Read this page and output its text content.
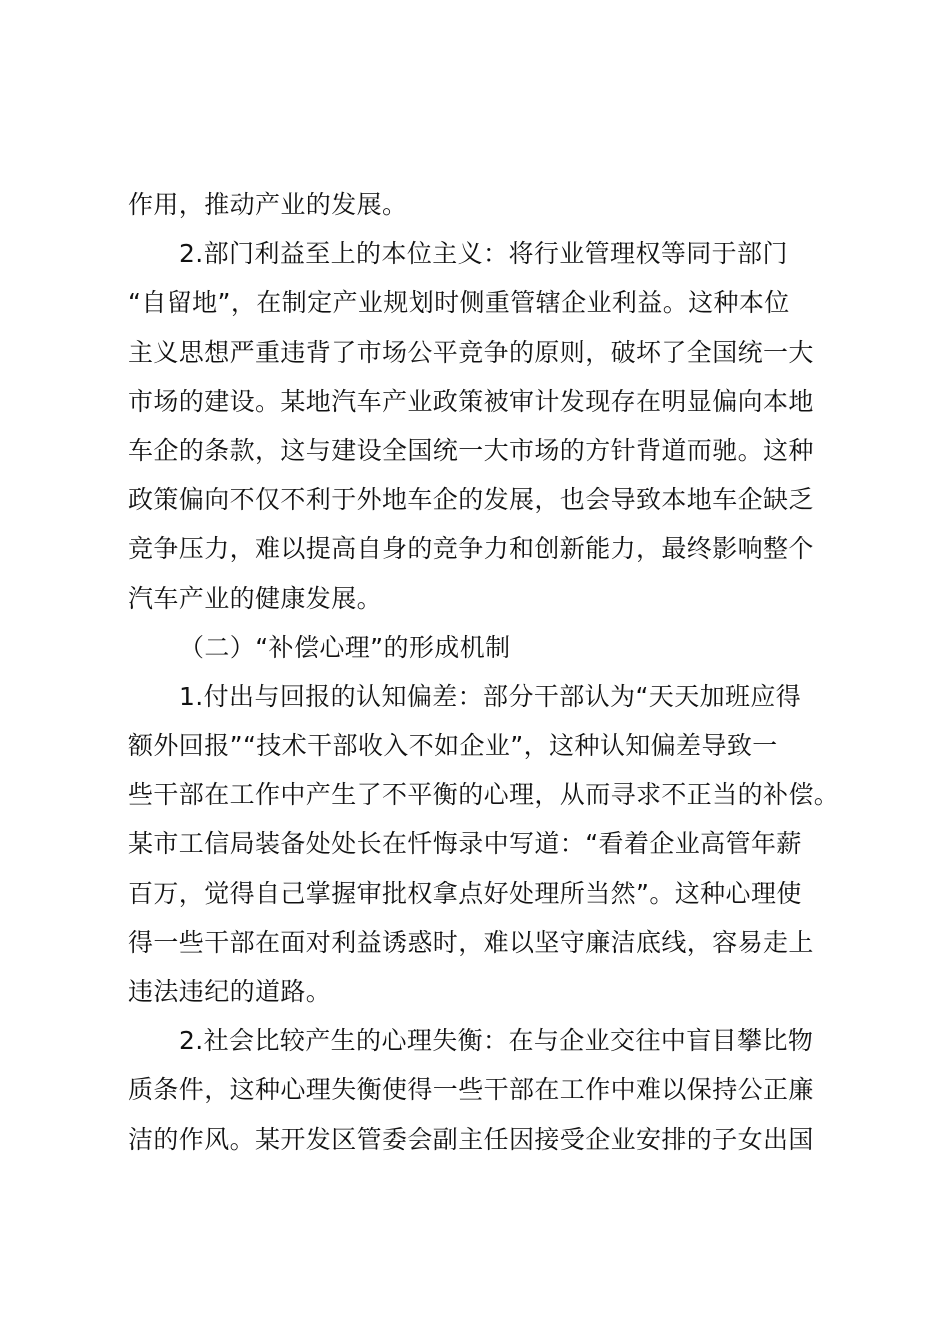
作用，推动产业的发展。
2.部门利益至上的本位主义：将行业管理权等同于部门
“自留地”，在制定产业规划时侧重管辖企业利益。这种本位
主义思想严重违背了市场公平竞争的原则，破坏了全国统一大
市场的建设。某地汽车产业政策被审计发现存在明显偏向本地
车企的条款，这与建设全国统一大市场的方针背道而驰。这种
政策偏向不仅不利于外地车企的发展，也会导致本地车企缺乏
竞争压力，难以提高自身的竞争力和创新能力，最终影响整个
汽车产业的健康发展。
（二）“补偿心理”的形成机制
1.付出与回报的认知偏差：部分干部认为“天天加班应得
额外回报”“技术干部收入不如企业”，这种认知偏差导致一
些干部在工作中产生了不平衡的心理，从而寻求不正当的补偿。
某市工信局装备处处长在忏悔录中写道：“看着企业高管年薪
百万，觉得自己掌握审批权拿点好处理所当然”。这种心理使
得一些干部在面对利益诱惑时，难以坚守廉洁底线，容易走上
违法违纪的道路。
2.社会比较产生的心理失衡：在与企业交往中盲目攀比物
质条件，这种心理失衡使得一些干部在工作中难以保持公正廉
洁的作风。某开发区管委会副主任因接受企业安排的子女出国
